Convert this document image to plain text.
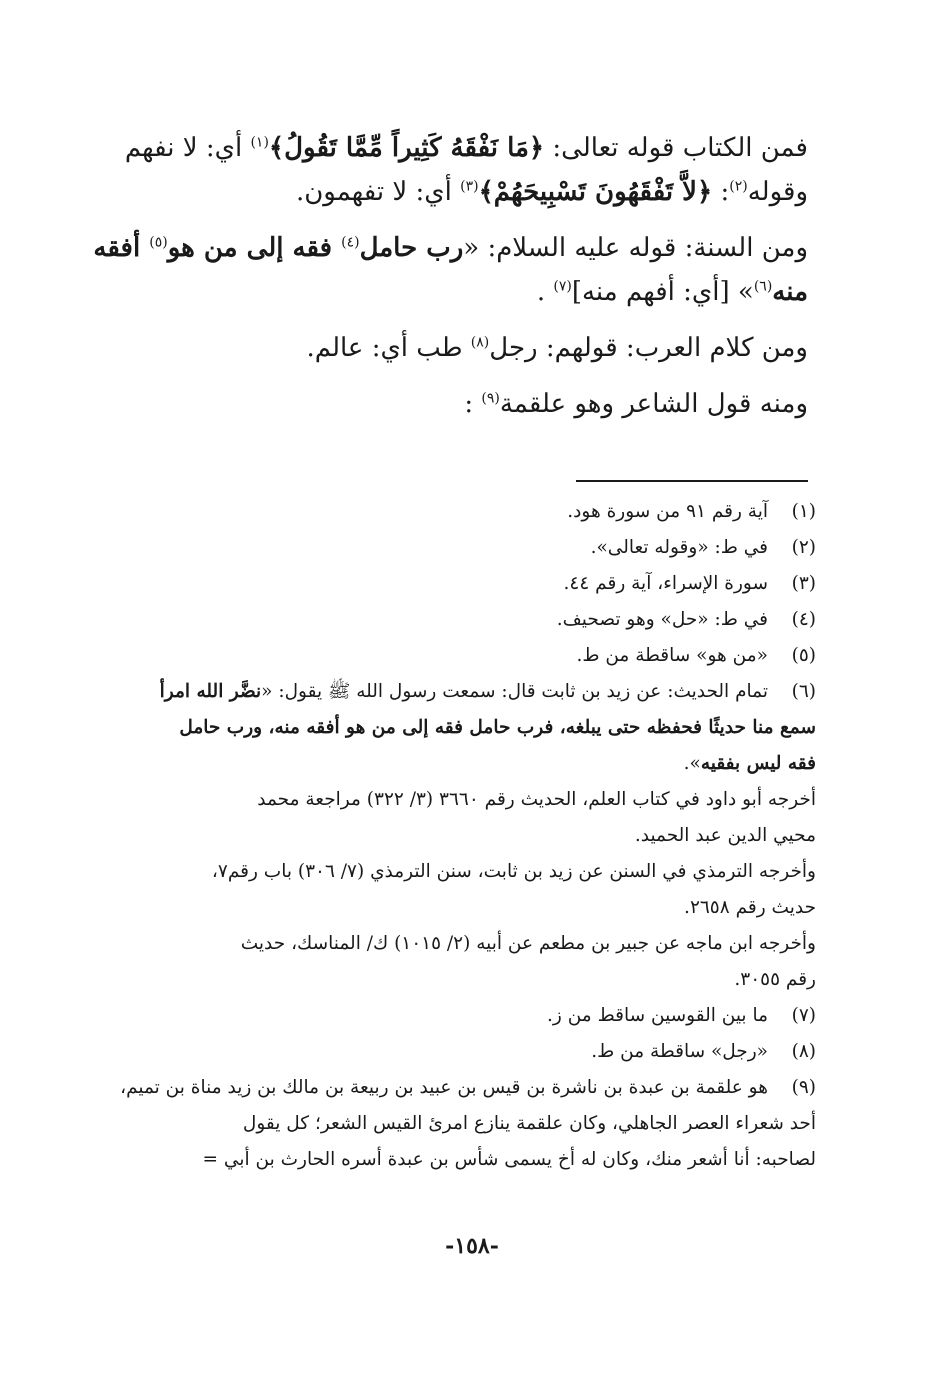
فمن الكتاب قوله تعالى: ﴿مَا نَفْقَهُ كَثِيراً مِّمَّا تَقُولُ﴾$^{(١)}$ أي: لا نفهم
وقوله$^{(٢)}$: ﴿لاَّ تَفْقَهُونَ تَسْبِيحَهُمْ﴾$^{(٣)}$ أي: لا تفهمون.
ومن السنة: قوله عليه السلام: «رب حامل$^{(٤)}$ فقه إلى من هو$^{(٥)}$ أفقه
منه$^{(٦)}$» [أي: أفهم منه]$^{(٧)}$ .
ومن كلام العرب: قولهم: رجل$^{(٨)}$ طب أي: عالم.
ومنه قول الشاعر وهو علقمة$^{(٩)}$ :
(١)
آية رقم ٩١ من سورة هود.
(٢)
في ط: «وقوله تعالى».
(٣)
سورة الإسراء، آية رقم ٤٤.
(٤)
في ط: «حل» وهو تصحيف.
(٥)
«من هو» ساقطة من ط.
(٦)
تمام الحديث: عن زيد بن ثابت قال: سمعت رسول الله ﷺ يقول: «نضَّر الله امرأ
سمع منا حديثًا فحفظه حتى يبلغه، فرب حامل فقه إلى من هو أفقه منه، ورب حامل
فقه ليس بفقيه».
أخرجه أبو داود في كتاب العلم، الحديث رقم ٣٦٦٠ (٣/ ٣٢٢) مراجعة محمد
محيي الدين عبد الحميد.
وأخرجه الترمذي في السنن عن زيد بن ثابت، سنن الترمذي (٧/ ٣٠٦) باب رقم٧،
حديث رقم ٢٦٥٨.
وأخرجه ابن ماجه عن جبير بن مطعم عن أبيه (٢/ ١٠١٥) ك/ المناسك، حديث
رقم ٣٠٥٥.
(٧)
ما بين القوسين ساقط من ز.
(٨)
«رجل» ساقطة من ط.
(٩)
هو علقمة بن عبدة بن ناشرة بن قيس بن عبيد بن ربيعة بن مالك بن زيد مناة بن تميم،
أحد شعراء العصر الجاهلي، وكان علقمة ينازع امرئ القيس الشعر؛ كل يقول
لصاحبه: أنا أشعر منك، وكان له أخ يسمى شأس بن عبدة أسره الحارث بن أبي =
-١٥٨-
